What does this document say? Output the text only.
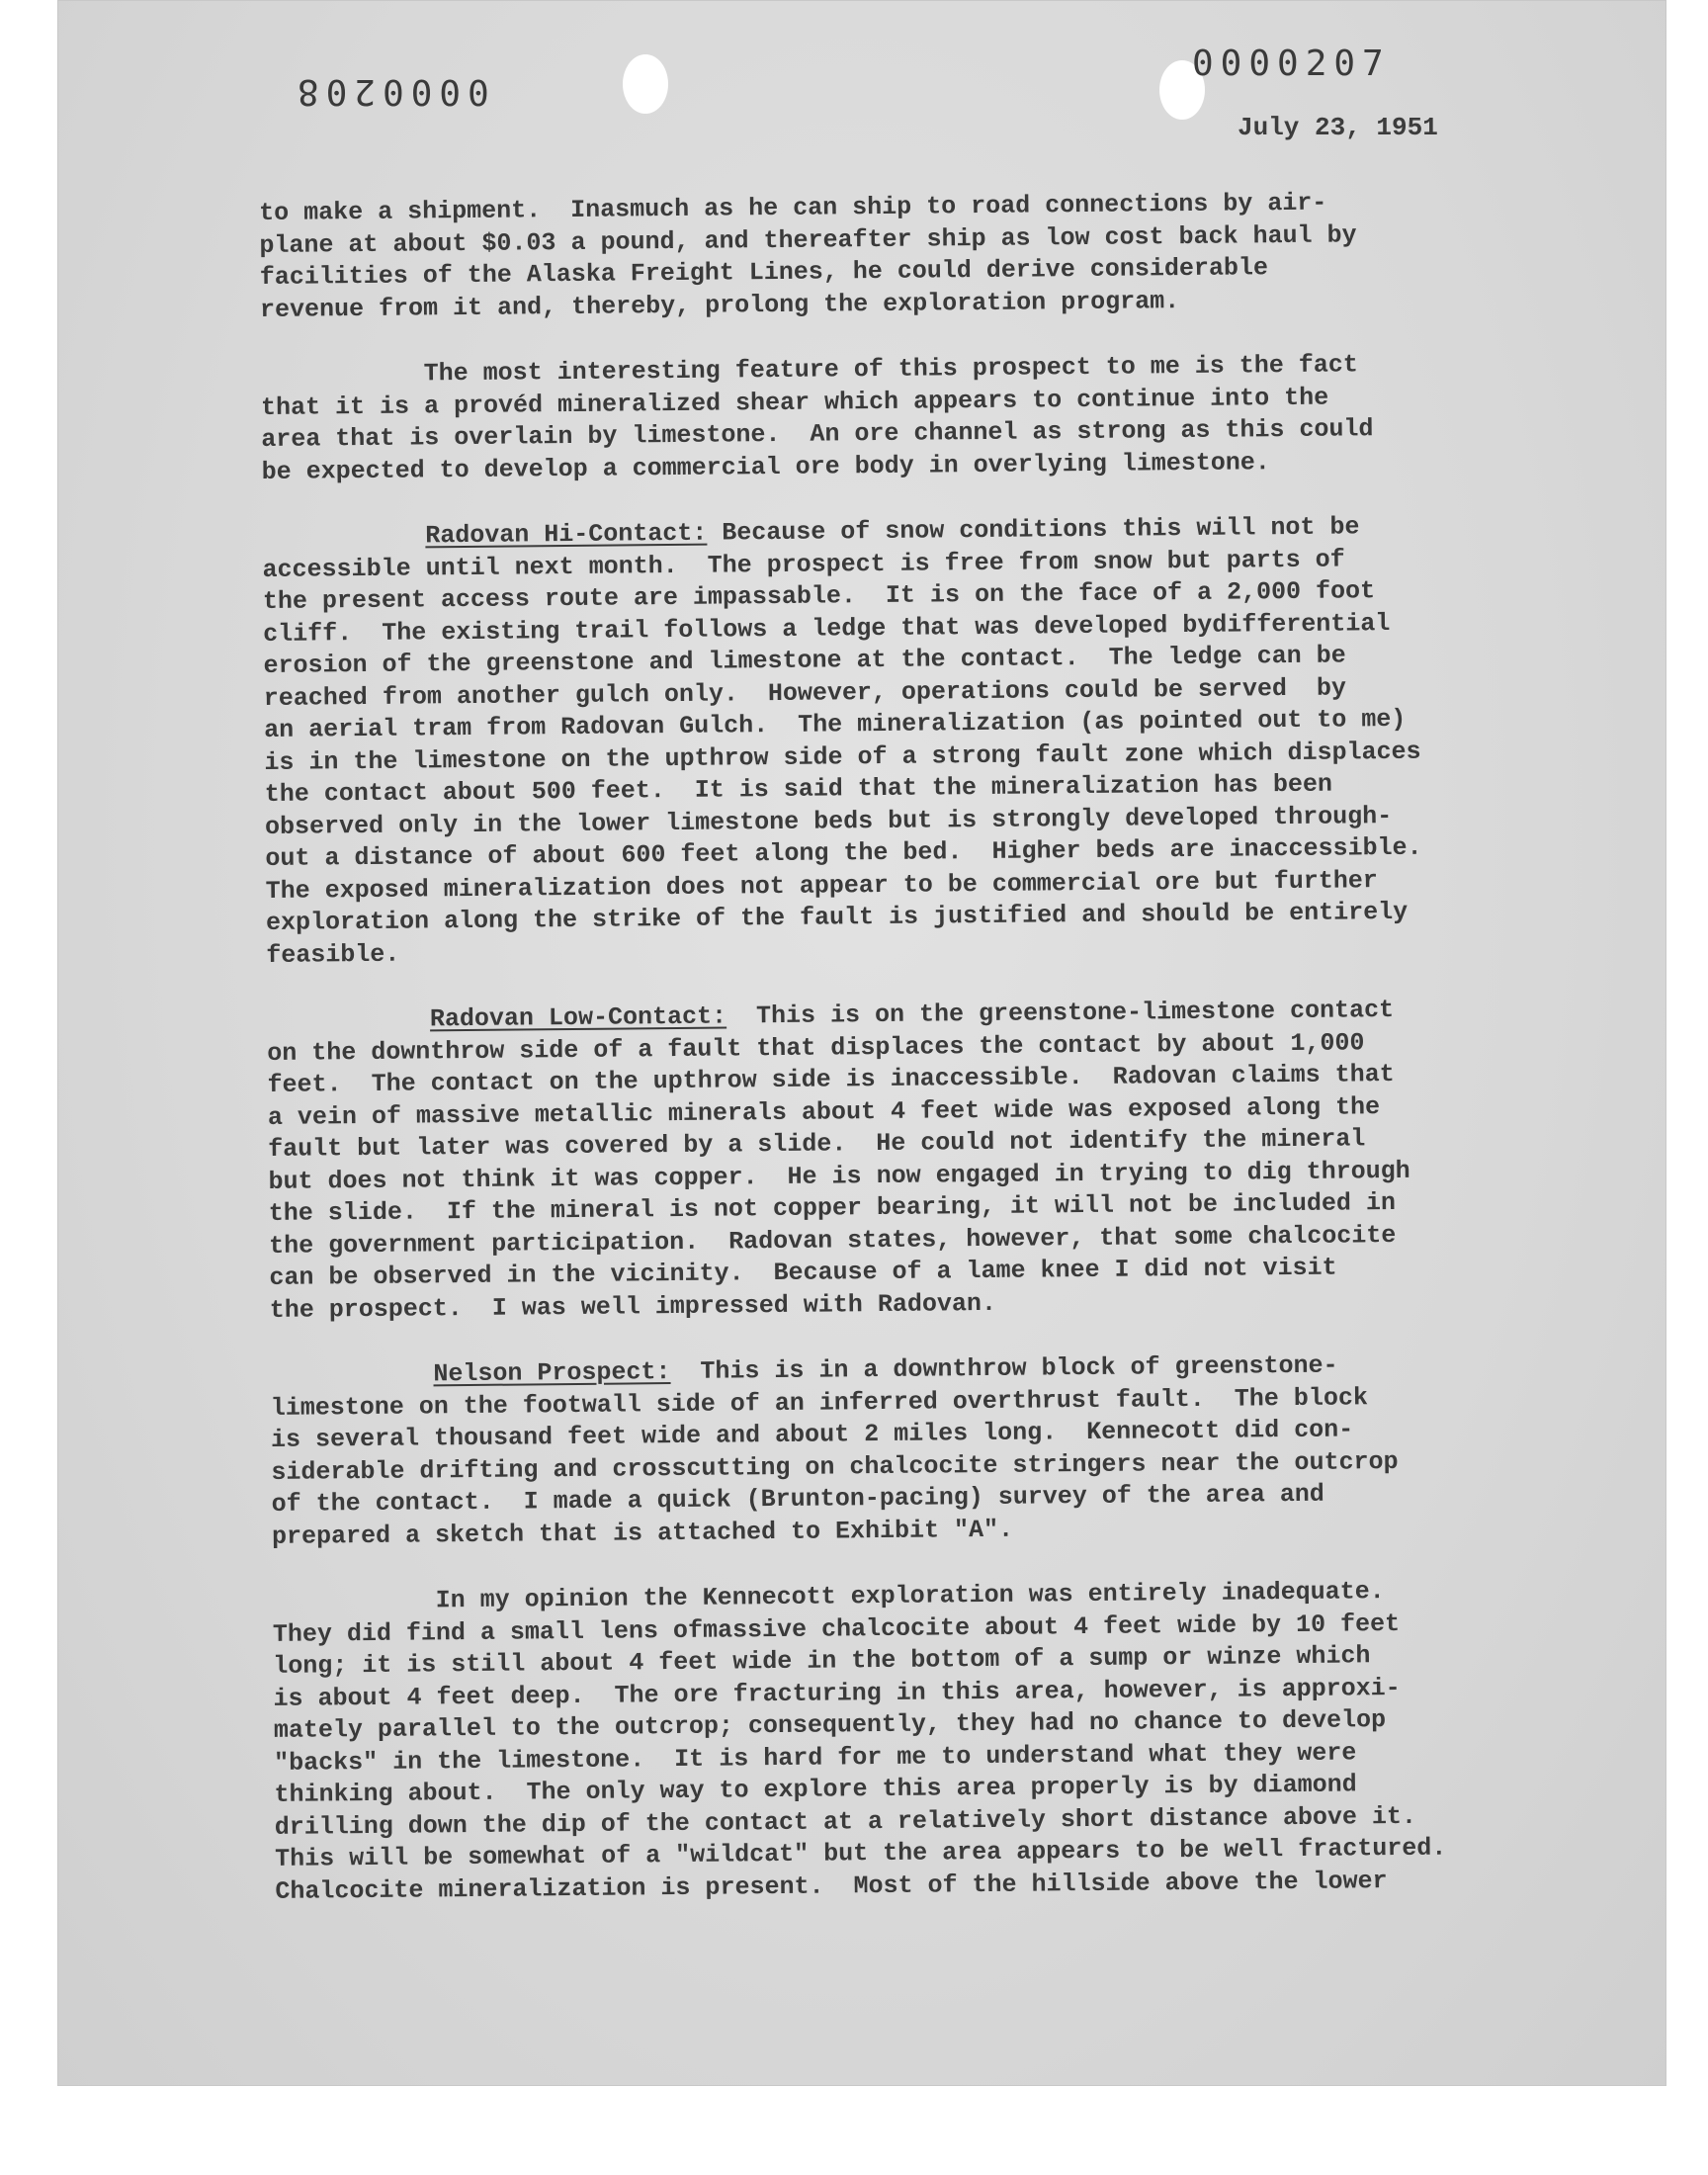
0000208
0000207
July 23, 1951
to make a shipment.  Inasmuch as he can ship to road connections by air-
plane at about $0.03 a pound, and thereafter ship as low cost back haul by
facilities of the Alaska Freight Lines, he could derive considerable
revenue from it and, thereby, prolong the exploration program.
The most interesting feature of this prospect to me is the fact
that it is a provéd mineralized shear which appears to continue into the
area that is overlain by limestone.  An ore channel as strong as this could
be expected to develop a commercial ore body in overlying limestone.
Radovan Hi-Contact: Because of snow conditions this will not be
accessible until next month.  The prospect is free from snow but parts of
the present access route are impassable.  It is on the face of a 2,000 foot
cliff.  The existing trail follows a ledge that was developed bydifferential
erosion of the greenstone and limestone at the contact.  The ledge can be
reached from another gulch only.  However, operations could be served  by
an aerial tram from Radovan Gulch.  The mineralization (as pointed out to me)
is in the limestone on the upthrow side of a strong fault zone which displaces
the contact about 500 feet.  It is said that the mineralization has been
observed only in the lower limestone beds but is strongly developed through-
out a distance of about 600 feet along the bed.  Higher beds are inaccessible.
The exposed mineralization does not appear to be commercial ore but further
exploration along the strike of the fault is justified and should be entirely
feasible.
Radovan Low-Contact:  This is on the greenstone-limestone contact
on the downthrow side of a fault that displaces the contact by about 1,000
feet.  The contact on the upthrow side is inaccessible.  Radovan claims that
a vein of massive metallic minerals about 4 feet wide was exposed along the
fault but later was covered by a slide.  He could not identify the mineral
but does not think it was copper.  He is now engaged in trying to dig through
the slide.  If the mineral is not copper bearing, it will not be included in
the government participation.  Radovan states, however, that some chalcocite
can be observed in the vicinity.  Because of a lame knee I did not visit
the prospect.  I was well impressed with Radovan.
Nelson Prospect:  This is in a downthrow block of greenstone-
limestone on the footwall side of an inferred overthrust fault.  The block
is several thousand feet wide and about 2 miles long.  Kennecott did con-
siderable drifting and crosscutting on chalcocite stringers near the outcrop
of the contact.  I made a quick (Brunton-pacing) survey of the area and
prepared a sketch that is attached to Exhibit "A".
In my opinion the Kennecott exploration was entirely inadequate.
They did find a small lens ofmassive chalcocite about 4 feet wide by 10 feet
long; it is still about 4 feet wide in the bottom of a sump or winze which
is about 4 feet deep.  The ore fracturing in this area, however, is approxi-
mately parallel to the outcrop; consequently, they had no chance to develop
"backs" in the limestone.  It is hard for me to understand what they were
thinking about.  The only way to explore this area properly is by diamond
drilling down the dip of the contact at a relatively short distance above it.
This will be somewhat of a "wildcat" but the area appears to be well fractured.
Chalcocite mineralization is present.  Most of the hillside above the lower
